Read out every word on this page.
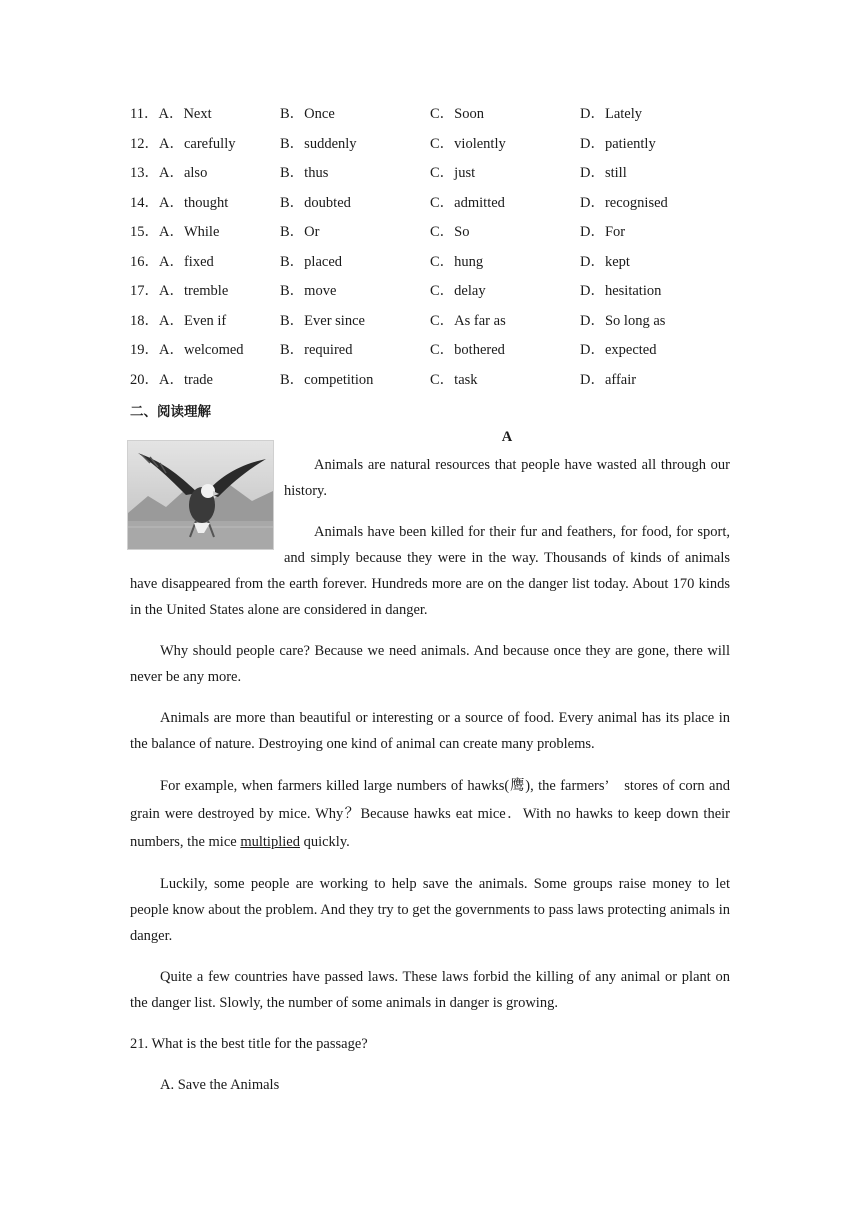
11．A．Next	B．Once	C．Soon	D．Lately
12．A．carefully	B．suddenly	C．violently	D．patiently
13．A．also	B．thus	C．just	D．still
14．A．thought	B．doubted	C．admitted	D．recognised
15．A．While	B．Or	C．So	D．For
16．A．fixed	B．placed	C．hung	D．kept
17．A．tremble	B．move	C．delay	D．hesitation
18．A．Even if	B．Ever since	C．As far as	D．So long as
19．A．welcomed	B．required	C．bothered	D．expected
20．A．trade	B．competition	C．task	D．affair
二、阅读理解
A

Animals are natural resources that people have wasted all through our history.

Animals have been killed for their fur and feathers, for food, for sport, and simply because they were in the way. Thousands of kinds of animals have disappeared from the earth forever. Hundreds more are on the danger list today. About 170 kinds in the United States alone are considered in danger.

Why should people care? Because we need animals. And because once they are gone, there will never be any more.

Animals are more than beautiful or interesting or a source of food. Every animal has its place in the balance of nature. Destroying one kind of animal can create many problems.

For example, when farmers killed large numbers of hawks(鹰), the farmers’　stores of corn and grain were destroyed by mice. Why？Because hawks eat mice．With no hawks to keep down their numbers, the mice multiplied quickly.

Luckily, some people are working to help save the animals. Some groups raise money to let people know about the problem. And they try to get the governments to pass laws protecting animals in danger.

Quite a few countries have passed laws. These laws forbid the killing of any animal or plant on the danger list. Slowly, the number of some animals in danger is growing.

21. What is the best title for the passage?

A. Save the Animals
